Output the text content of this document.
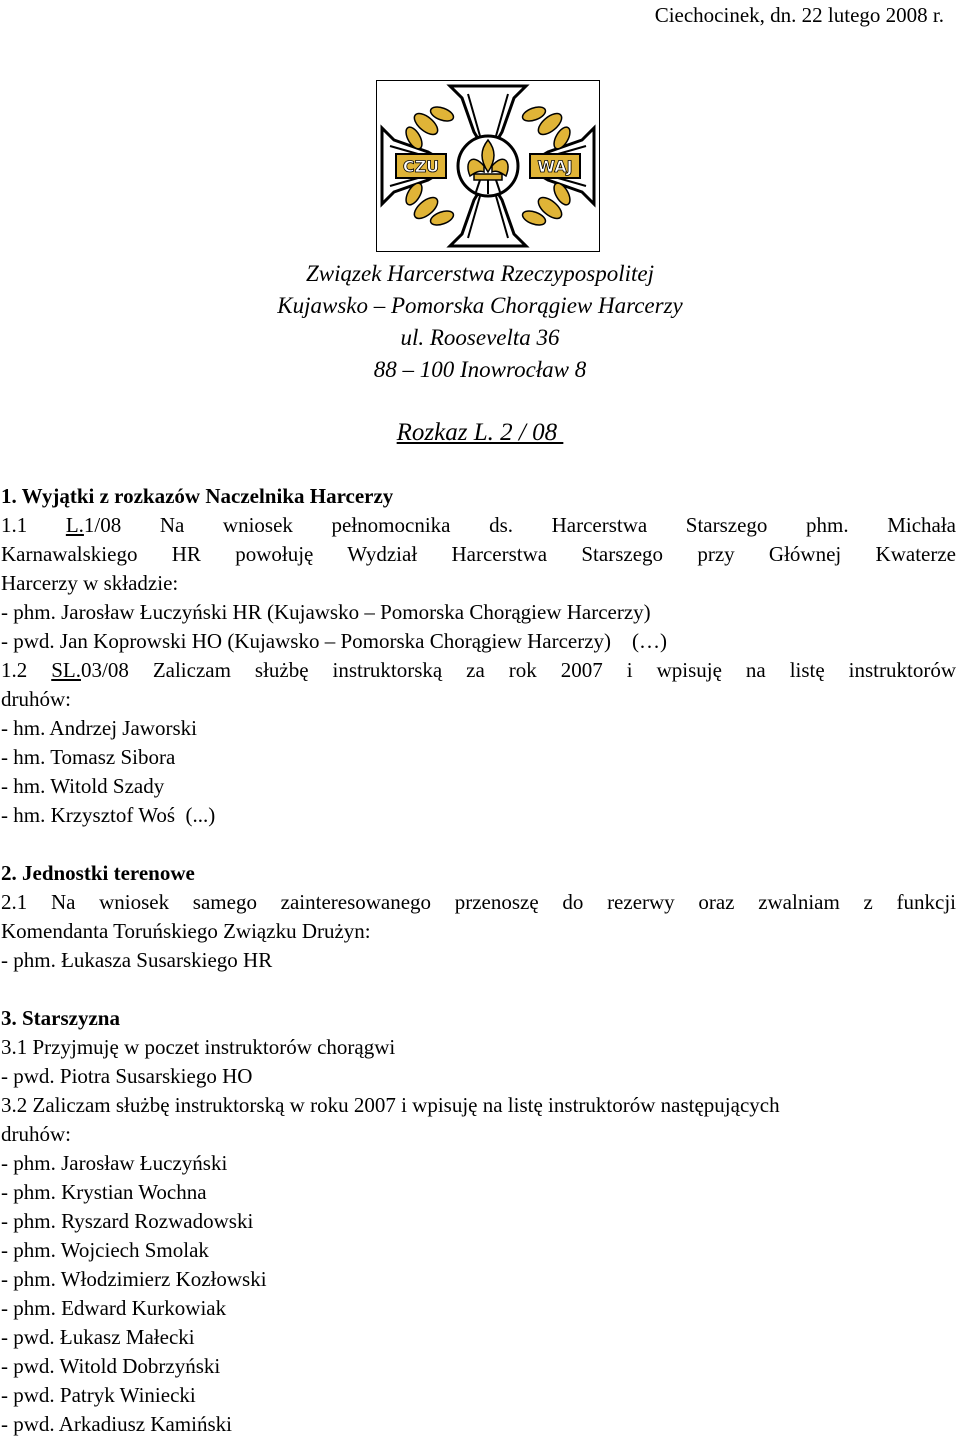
Ciechocinek, dn. 22 lutego 2008 r.
CZU	WAJ
Związek Harcerstwa Rzeczypospolitej
Kujawsko – Pomorska Chorągiew Harcerzy
ul. Roosevelta 36
88 – 100 Inowrocław 8
Rozkaz L. 2 / 08
1. Wyjątki z rozkazów Naczelnika Harcerzy
1.1 L.1/08 Na wniosek pełnomocnika ds. Harcerstwa Starszego phm. Michała
Karnawalskiego HR powołuję Wydział Harcerstwa Starszego przy Głównej Kwaterze
Harcerzy w składzie:
- phm. Jarosław Łuczyński HR (Kujawsko – Pomorska Chorągiew Harcerzy)
- pwd. Jan Koprowski HO (Kujawsko – Pomorska Chorągiew Harcerzy)    (…)
1.2 SL.03/08 Zaliczam służbę instruktorską za rok 2007 i wpisuję na listę instruktorów
druhów:
- hm. Andrzej Jaworski
- hm. Tomasz Sibora
- hm. Witold Szady
- hm. Krzysztof Woś  (...)
2. Jednostki terenowe
2.1 Na wniosek samego zainteresowanego przenoszę do rezerwy oraz zwalniam z funkcji
Komendanta Toruńskiego Związku Drużyn:
- phm. Łukasza Susarskiego HR
3. Starszyzna
3.1 Przyjmuję w poczet instruktorów chorągwi
- pwd. Piotra Susarskiego HO
3.2 Zaliczam służbę instruktorską w roku 2007 i wpisuję na listę instruktorów następujących
druhów:
- phm. Jarosław Łuczyński
- phm. Krystian Wochna
- phm. Ryszard Rozwadowski
- phm. Wojciech Smolak
- phm. Włodzimierz Kozłowski
- phm. Edward Kurkowiak
- pwd. Łukasz Małecki
- pwd. Witold Dobrzyński
- pwd. Patryk Winiecki
- pwd. Arkadiusz Kamiński
